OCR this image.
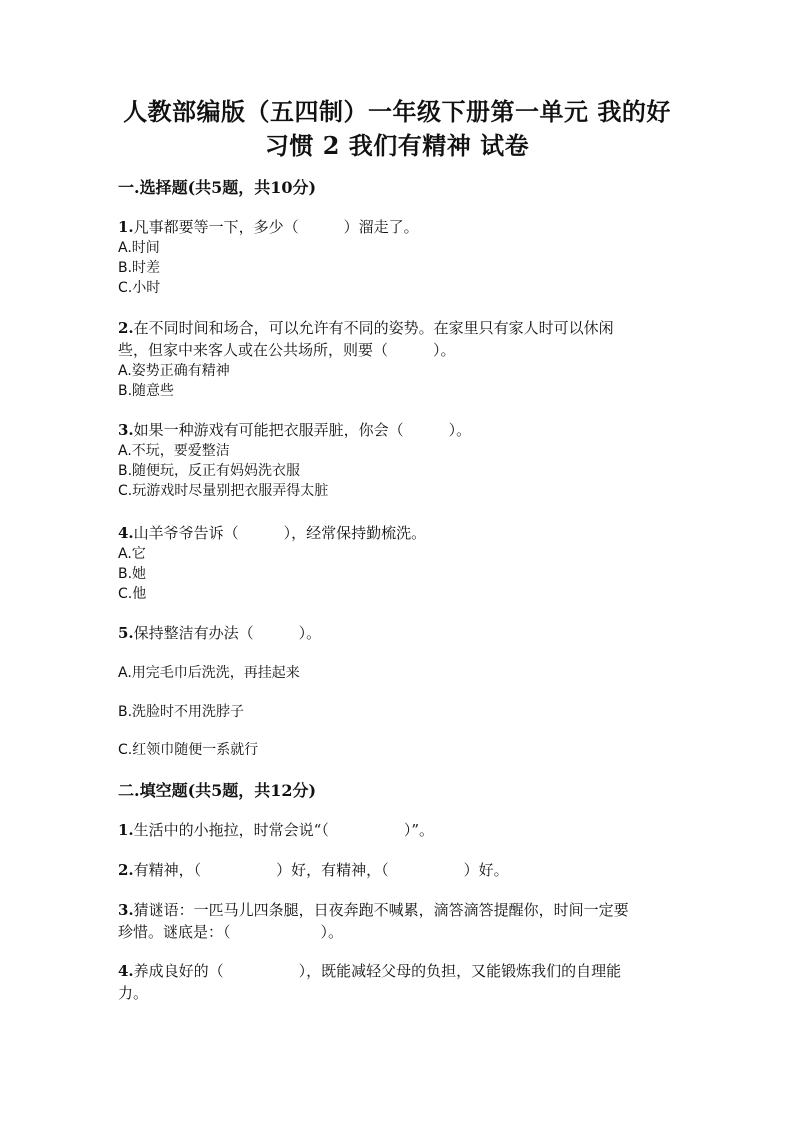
人教部编版（五四制）一年级下册第一单元 我的好
习惯 2 我们有精神 试卷
一.选择题(共5题，共10分)

1.凡事都要等一下，多少（　　　）溜走了。

A.时间

B.时差

C.小时

2.在不同时间和场合，可以允许有不同的姿势。在家里只有家人时可以休闲

些，但家中来客人或在公共场所，则要（　　　）。

A.姿势正确有精神

B.随意些

3.如果一种游戏有可能把衣服弄脏，你会（　　　）。

A.不玩，要爱整洁

B.随便玩，反正有妈妈洗衣服

C.玩游戏时尽量别把衣服弄得太脏

4.山羊爷爷告诉（　　　），经常保持勤梳洗。

A.它

B.她

C.他

5.保持整洁有办法（　　　）。

A.用完毛巾后洗洗，再挂起来
B.洗脸时不用洗脖子
C.红领巾随便一系就行
二.填空题(共5题，共12分)

1.生活中的小拖拉，时常会说“（　　　　　）”。

2.有精神，（　　　　　）好，有精神，（　　　　　）好。

3.猜谜语：一匹马儿四条腿，日夜奔跑不喊累，滴答滴答提醒你，时间一定要

珍惜。谜底是：（　　　　　　）。

4.养成良好的（　　　　　），既能减轻父母的负担，又能锻炼我们的自理能

力。
